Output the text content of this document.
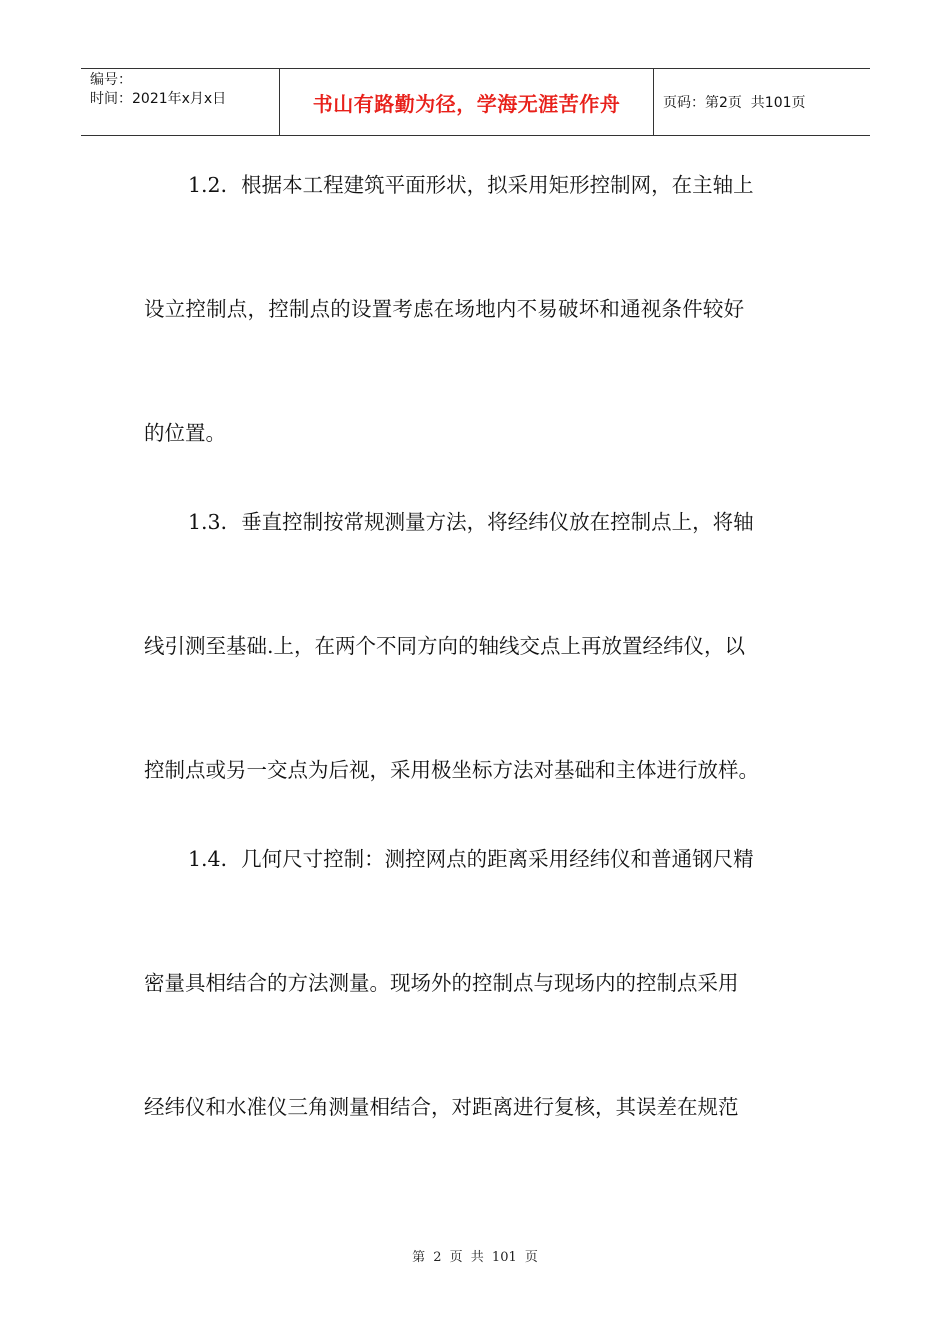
编号：
时间：2021年x月x日	书山有路勤为径，学海无涯苦作舟	页码：第2页  共101页

1.2．根据本工程建筑平面形状，拟采用矩形控制网，在主轴上

设立控制点，控制点的设置考虑在场地内不易破坏和通视条件较好

的位置。

1.3．垂直控制按常规测量方法，将经纬仪放在控制点上，将轴

线引测至基础.上，在两个不同方向的轴线交点上再放置经纬仪，以

控制点或另一交点为后视，采用极坐标方法对基础和主体进行放样。

1.4．几何尺寸控制：测控网点的距离采用经纬仪和普通钢尺精

密量具相结合的方法测量。现场外的控制点与现场内的控制点采用

经纬仪和水准仪三角测量相结合，对距离进行复核，其误差在规范

第 2 页 共 101 页
